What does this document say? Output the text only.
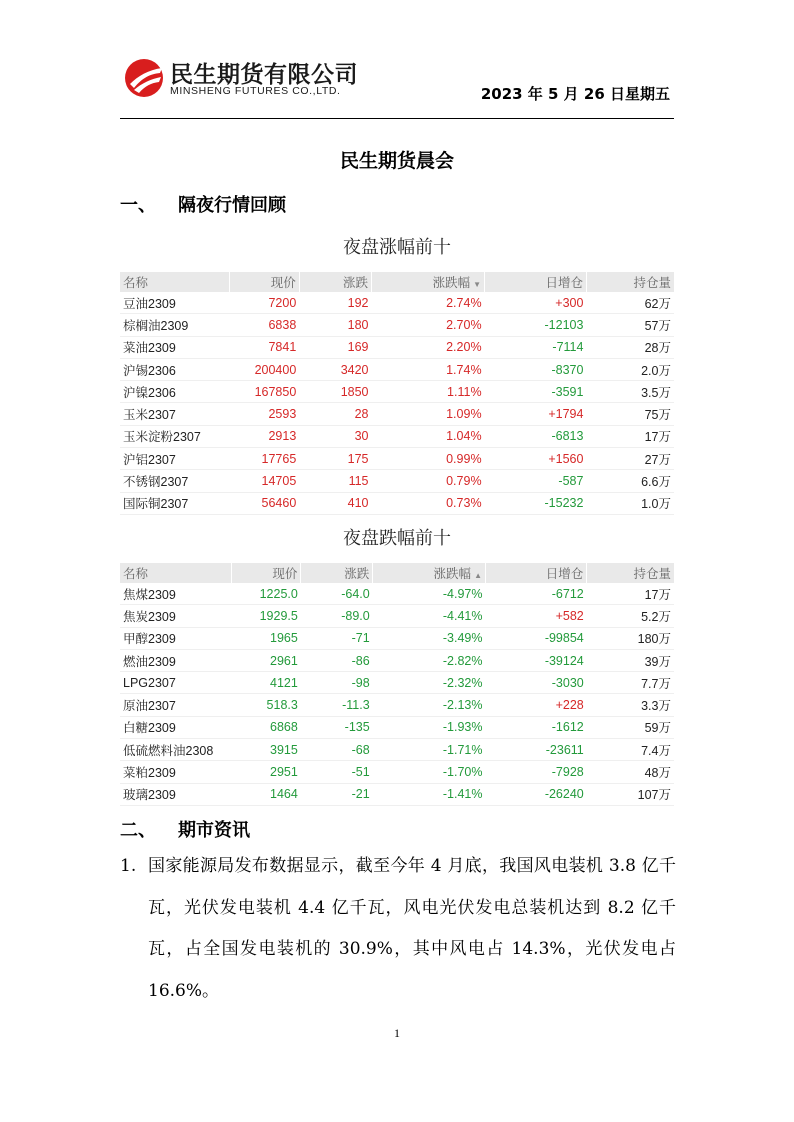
民生期货有限公司
MINSHENG FUTURES CO.,LTD.	2023 年 5 月 26 日星期五
民生期货晨会
一、 隔夜行情回顾
夜盘涨幅前十
名称	现价	涨跌	涨跌幅 ▼	日增仓	持仓量
豆油2309	7200	192	2.74%	+300	62万
棕榈油2309	6838	180	2.70%	-12103	57万
菜油2309	7841	169	2.20%	-7114	28万
沪锡2306	200400	3420	1.74%	-8370	2.0万
沪镍2306	167850	1850	1.11%	-3591	3.5万
玉米2307	2593	28	1.09%	+1794	75万
玉米淀粉2307	2913	30	1.04%	-6813	17万
沪铝2307	17765	175	0.99%	+1560	27万
不锈钢2307	14705	115	0.79%	-587	6.6万
国际铜2307	56460	410	0.73%	-15232	1.0万
夜盘跌幅前十
名称	现价	涨跌	涨跌幅 ▲	日增仓	持仓量
焦煤2309	1225.0	-64.0	-4.97%	-6712	17万
焦炭2309	1929.5	-89.0	-4.41%	+582	5.2万
甲醇2309	1965	-71	-3.49%	-99854	180万
燃油2309	2961	-86	-2.82%	-39124	39万
LPG2307	4121	-98	-2.32%	-3030	7.7万
原油2307	518.3	-11.3	-2.13%	+228	3.3万
白糖2309	6868	-135	-1.93%	-1612	59万
低硫燃料油2308	3915	-68	-1.71%	-23611	7.4万
菜粕2309	2951	-51	-1.70%	-7928	48万
玻璃2309	1464	-21	-1.41%	-26240	107万
二、 期市资讯
1. 国家能源局发布数据显示，截至今年 4 月底，我国风电装机 3.8 亿千瓦，光伏发电装机 4.4 亿千瓦，风电光伏发电总装机达到 8.2 亿千瓦，占全国发电装机的 30.9%，其中风电占 14.3%，光伏发电占 16.6%。
1
